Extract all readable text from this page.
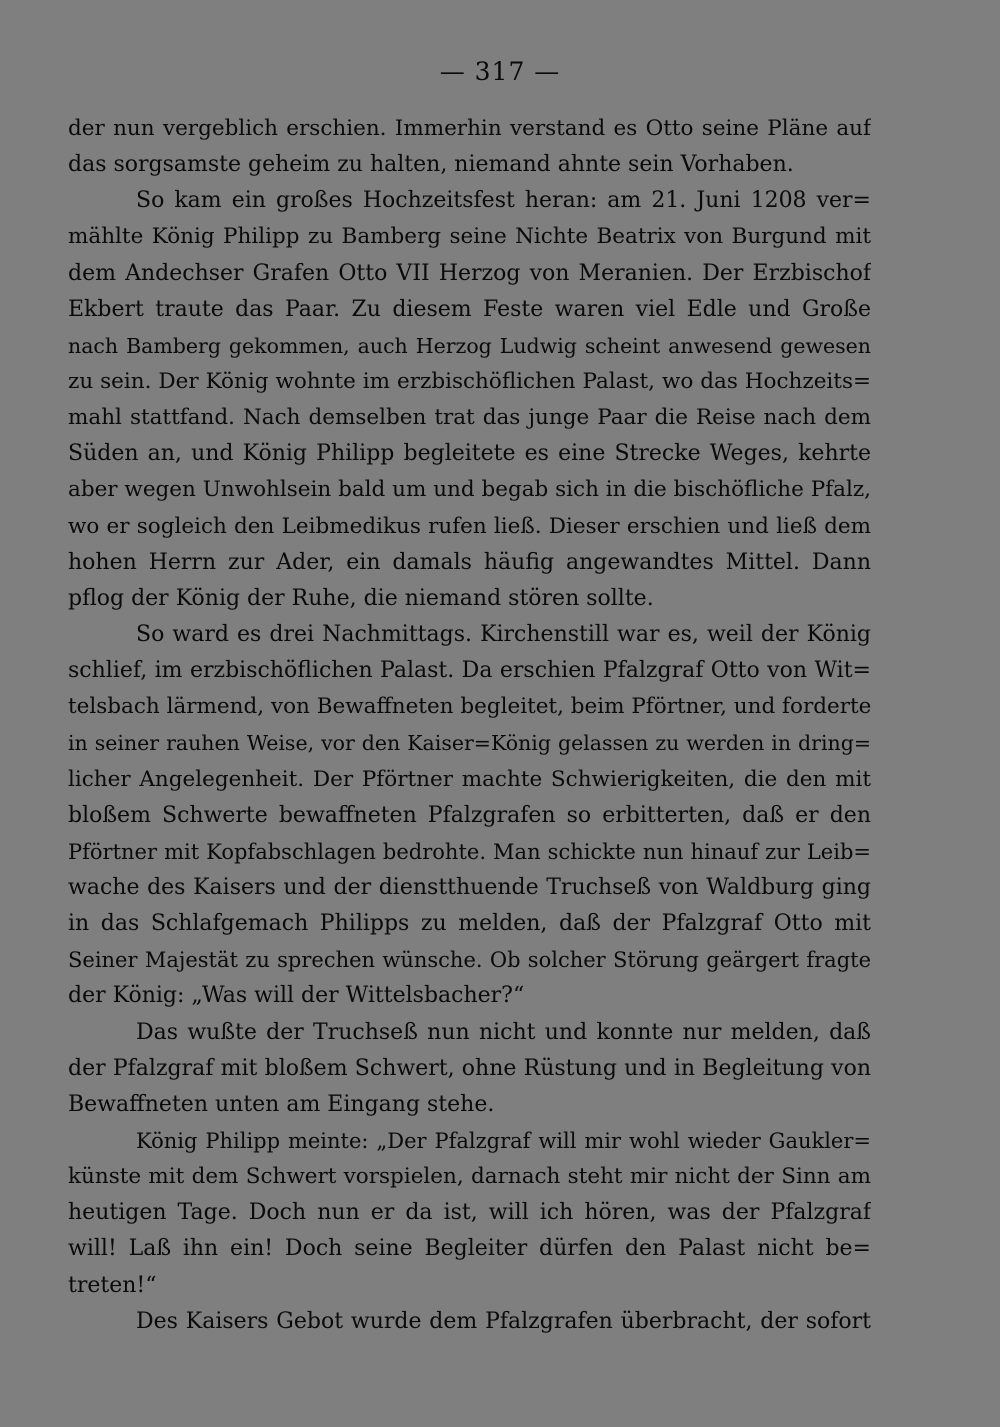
— 317 —
der nun vergeblich erschien. Immerhin verstand es Otto seine Pläne auf
das sorgsamste geheim zu halten, niemand ahnte sein Vorhaben.
So kam ein großes Hochzeitsfest heran: am 21. Juni 1208 ver=
mählte König Philipp zu Bamberg seine Nichte Beatrix von Burgund mit
dem Andechser Grafen Otto VII Herzog von Meranien. Der Erzbischof
Ekbert traute das Paar. Zu diesem Feste waren viel Edle und Große
nach Bamberg gekommen, auch Herzog Ludwig scheint anwesend gewesen
zu sein. Der König wohnte im erzbischöflichen Palast, wo das Hochzeits=
mahl stattfand. Nach demselben trat das junge Paar die Reise nach dem
Süden an, und König Philipp begleitete es eine Strecke Weges, kehrte
aber wegen Unwohlsein bald um und begab sich in die bischöfliche Pfalz,
wo er sogleich den Leibmedikus rufen ließ. Dieser erschien und ließ dem
hohen Herrn zur Ader, ein damals häufig angewandtes Mittel. Dann
pflog der König der Ruhe, die niemand stören sollte.
So ward es drei Nachmittags. Kirchenstill war es, weil der König
schlief, im erzbischöflichen Palast. Da erschien Pfalzgraf Otto von Wit=
telsbach lärmend, von Bewaffneten begleitet, beim Pförtner, und forderte
in seiner rauhen Weise, vor den Kaiser=König gelassen zu werden in dring=
licher Angelegenheit. Der Pförtner machte Schwierigkeiten, die den mit
bloßem Schwerte bewaffneten Pfalzgrafen so erbitterten, daß er den
Pförtner mit Kopfabschlagen bedrohte. Man schickte nun hinauf zur Leib=
wache des Kaisers und der dienstthuende Truchseß von Waldburg ging
in das Schlafgemach Philipps zu melden, daß der Pfalzgraf Otto mit
Seiner Majestät zu sprechen wünsche. Ob solcher Störung geärgert fragte
der König: „Was will der Wittelsbacher?“
Das wußte der Truchseß nun nicht und konnte nur melden, daß
der Pfalzgraf mit bloßem Schwert, ohne Rüstung und in Begleitung von
Bewaffneten unten am Eingang stehe.
König Philipp meinte: „Der Pfalzgraf will mir wohl wieder Gaukler=
künste mit dem Schwert vorspielen, darnach steht mir nicht der Sinn am
heutigen Tage. Doch nun er da ist, will ich hören, was der Pfalzgraf
will! Laß ihn ein! Doch seine Begleiter dürfen den Palast nicht be=
treten!“
Des Kaisers Gebot wurde dem Pfalzgrafen überbracht, der sofort
